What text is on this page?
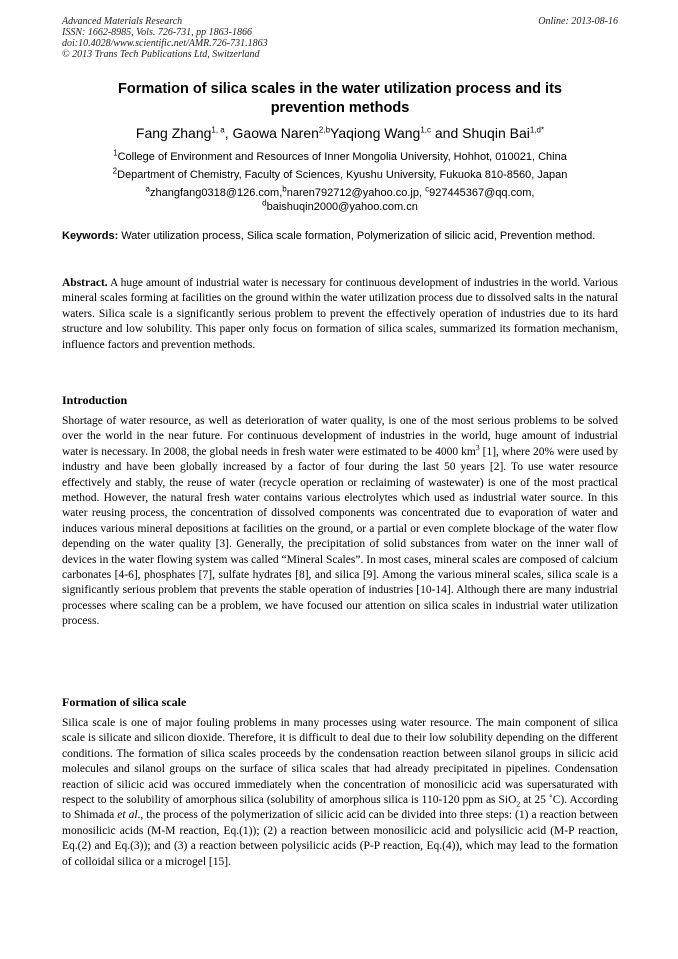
Advanced Materials Research
ISSN: 1662-8985, Vols. 726-731, pp 1863-1866
doi:10.4028/www.scientific.net/AMR.726-731.1863
© 2013 Trans Tech Publications Ltd, Switzerland
Online: 2013-08-16
Formation of silica scales in the water utilization process and its
prevention methods
Fang Zhang$^{1, a}$, Gaowa Naren$^{2,b}$Yaqiong Wang$^{1,c}$ and Shuqin Bai$^{1,d*}$
$^1$College of Environment and Resources of Inner Mongolia University, Hohhot, 010021, China
$^2$Department of Chemistry, Faculty of Sciences, Kyushu University, Fukuoka 810-8560, Japan
$^a$zhangfang0318@126.com,$^b$naren792712@yahoo.co.jp, $^c$927445367@qq.com,
$^d$baishuqin2000@yahoo.com.cn
Keywords: Water utilization process, Silica scale formation, Polymerization of silicic acid, Prevention method.

Abstract. A huge amount of industrial water is necessary for continuous development of industries in the world. Various mineral scales forming at facilities on the ground within the water utilization process due to dissolved salts in the natural waters. Silica scale is a significantly serious problem to prevent the effectively operation of industries due to its hard structure and low solubility. This paper only focus on formation of silica scales, summarized its formation mechanism, influence factors and prevention methods.

Introduction

Shortage of water resource, as well as deterioration of water quality, is one of the most serious problems to be solved over the world in the near future. For continuous development of industries in the world, huge amount of industrial water is necessary. In 2008, the global needs in fresh water were estimated to be 4000 $km^3$ [1], where 20% were used by industry and have been globally increased by a factor of four during the last 50 years [2]. To use water resource effectively and stably, the reuse of water (recycle operation or reclaiming of wastewater) is one of the most practical method. However, the natural fresh water contains various electrolytes which used as industrial water source. In this water reusing process, the concentration of dissolved components was concentrated due to evaporation of water and induces various mineral depositions at facilities on the ground, or a partial or even complete blockage of the water flow depending on the water quality [3]. Generally, the precipitation of solid substances from water on the inner wall of devices in the water flowing system was called “Mineral Scales”. In most cases, mineral scales are composed of calcium carbonates [4-6], phosphates [7], sulfate hydrates [8], and silica [9]. Among the various mineral scales, silica scale is a significantly serious problem that prevents the stable operation of industries [10-14]. Although there are many industrial processes where scaling can be a problem, we have focused our attention on silica scales in industrial water utilization process.

Formation of silica scale

Silica scale is one of major fouling problems in many processes using water resource. The main component of silica scale is silicate and silicon dioxide. Therefore, it is difficult to deal due to their low solubility depending on the different conditions. The formation of silica scales proceeds by the condensation reaction between silanol groups in silicic acid molecules and silanol groups on the surface of silica scales that had already precipitated in pipelines. Condensation reaction of silicic acid was occured immediately when the concentration of monosilicic acid was supersaturated with respect to the solubility of amorphous silica (solubility of amorphous silica is 110-120 ppm as SiO$_2$ at 25 ˚C). According to Shimada et al., the process of the polymerization of silicic acid can be divided into three steps: (1) a reaction between monosilicic acids (M-M reaction, Eq.(1)); (2) a reaction between monosilicic acid and polysilicic acid (M-P reaction, Eq.(2) and Eq.(3)); and (3) a reaction between polysilicic acids (P-P reaction, Eq.(4)), which may lead to the formation of colloidal silica or a microgel [15].
